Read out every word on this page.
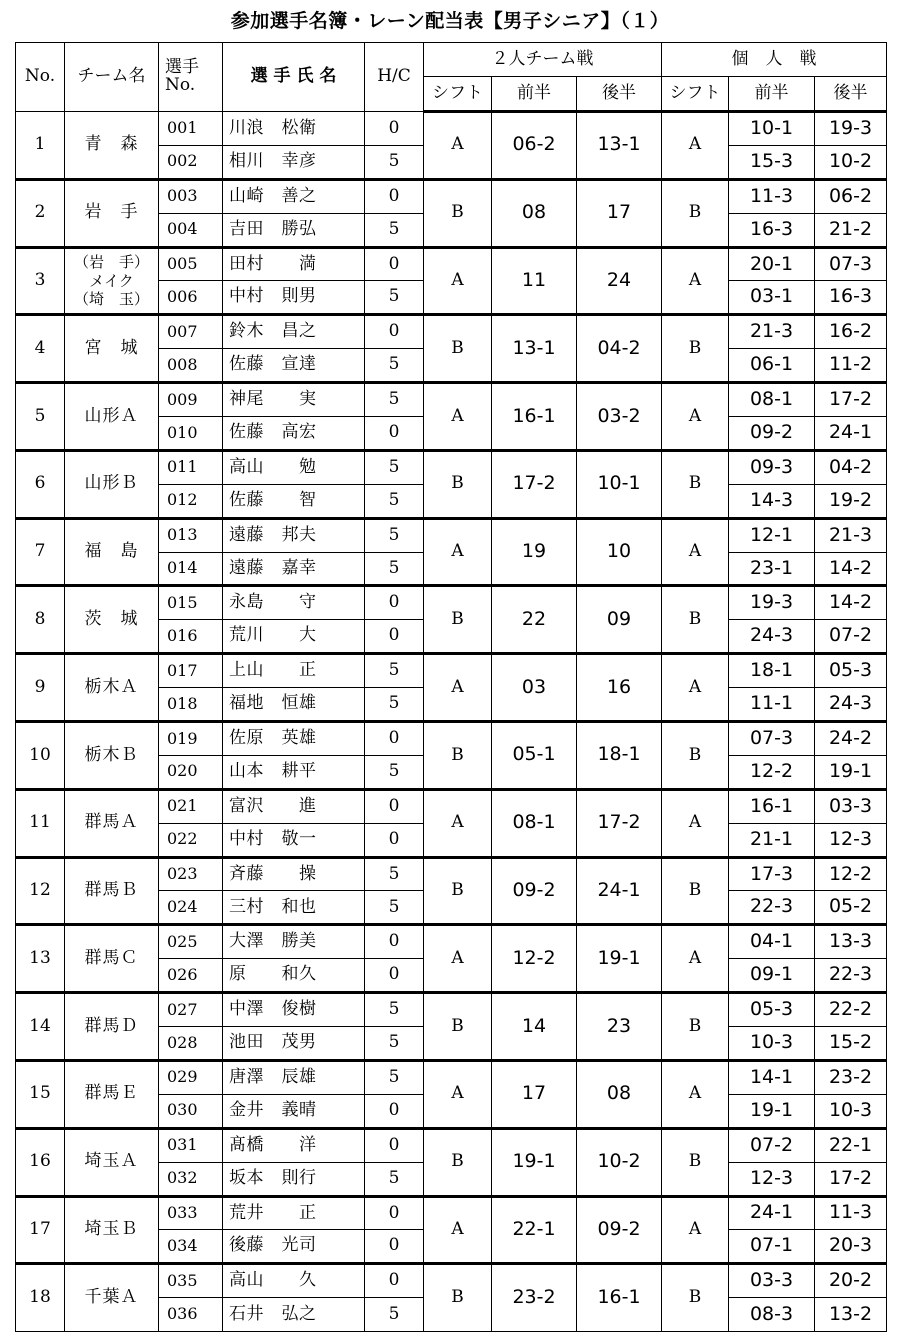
参加選手名簿・レーン配当表【男子シニア】（１）
No.	チーム名	選手
No.	選 手 氏 名	H/C	２人チーム戦			個　人　戦		
					シフト	前半	後半	シフト	前半	後半
1	青　森	001	川浪　松衛	0	A	06-2	13-1	A	10-1	19-3
		002	相川　幸彦	5					15-3	10-2
2	岩　手	003	山崎　善之	0	B	08	17	B	11-3	06-2
		004	吉田　勝弘	5					16-3	21-2
3	（岩　手）
メイク
（埼　玉）	005	田村　　満	0	A	11	24	A	20-1	07-3
		006	中村　則男	5					03-1	16-3
4	宮　城	007	鈴木　昌之	0	B	13-1	04-2	B	21-3	16-2
		008	佐藤　宣達	5					06-1	11-2
5	山形Ａ	009	神尾　　実	5	A	16-1	03-2	A	08-1	17-2
		010	佐藤　高宏	0					09-2	24-1
6	山形Ｂ	011	高山　　勉	5	B	17-2	10-1	B	09-3	04-2
		012	佐藤　　智	5					14-3	19-2
7	福　島	013	遠藤　邦夫	5	A	19	10	A	12-1	21-3
		014	遠藤　嘉幸	5					23-1	14-2
8	茨　城	015	永島　　守	0	B	22	09	B	19-3	14-2
		016	荒川　　大	0					24-3	07-2
9	栃木Ａ	017	上山　　正	5	A	03	16	A	18-1	05-3
		018	福地　恒雄	5					11-1	24-3
10	栃木Ｂ	019	佐原　英雄	0	B	05-1	18-1	B	07-3	24-2
		020	山本　耕平	5					12-2	19-1
11	群馬Ａ	021	富沢　　進	0	A	08-1	17-2	A	16-1	03-3
		022	中村　敬一	0					21-1	12-3
12	群馬Ｂ	023	斉藤　　操	5	B	09-2	24-1	B	17-3	12-2
		024	三村　和也	5					22-3	05-2
13	群馬Ｃ	025	大澤　勝美	0	A	12-2	19-1	A	04-1	13-3
		026	原　　和久	0					09-1	22-3
14	群馬Ｄ	027	中澤　俊樹	5	B	14	23	B	05-3	22-2
		028	池田　茂男	5					10-3	15-2
15	群馬Ｅ	029	唐澤　辰雄	5	A	17	08	A	14-1	23-2
		030	金井　義晴	0					19-1	10-3
16	埼玉Ａ	031	髙橋　　洋	0	B	19-1	10-2	B	07-2	22-1
		032	坂本　則行	5					12-3	17-2
17	埼玉Ｂ	033	荒井　　正	0	A	22-1	09-2	A	24-1	11-3
		034	後藤　光司	0					07-1	20-3
18	千葉Ａ	035	高山　　久	0	B	23-2	16-1	B	03-3	20-2
		036	石井　弘之	5					08-3	13-2
